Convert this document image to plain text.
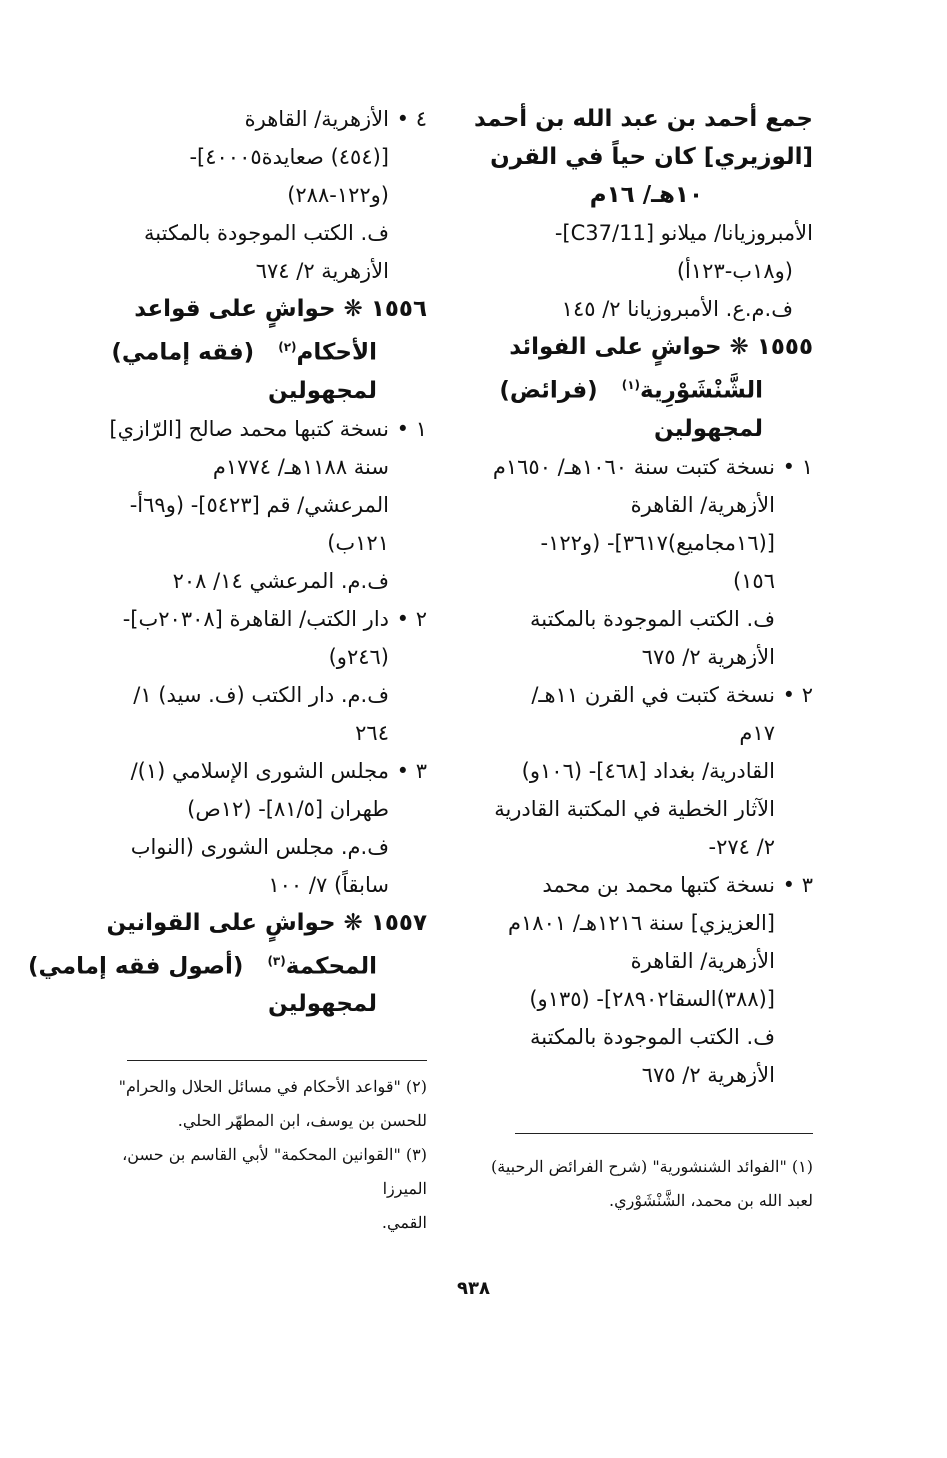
جمع أحمد بن عبد الله بن أحمد
[الوزيري] كان حياً في القرن
١٠هـ/ ١٦م
الأمبروزيانا/ ميلانو [C37/11]-
(و١٨ب-١٢٣أ)
ف.م.ع. الأمبروزيانا ٢/ ١٤٥
١٥٥٥ ❋ حواشٍ على الفوائد
الشَّنْشَوْرِية$^{(١)}$   (فرائض)
لمجهولين
١ •
نسخة كتبت سنة ١٠٦٠هـ/ ١٦٥٠م
الأزهرية/ القاهرة
[(١٦مجاميع)٣٦١٧]- (و١٢٢-
١٥٦)
ف. الكتب الموجودة بالمكتبة
الأزهرية ٢/ ٦٧٥
٢ •
نسخة كتبت في القرن ١١هـ/
١٧م
القادرية/ بغداد [٤٦٨]- (١٠٦و)
الآثار الخطية في المكتبة القادرية
٢/ ٢٧٤-
٣ •
نسخة كتبها محمد بن محمد
[العزيزي] سنة ١٢١٦هـ/ ١٨٠١م
الأزهرية/ القاهرة
[(٣٨٨)السقا٢٨٩٠٢]- (١٣٥و)
ف. الكتب الموجودة بالمكتبة
الأزهرية ٢/ ٦٧٥
٤ •
الأزهرية/ القاهرة
[(٤٥٤) صعايدة٤٠٠٠٥]-
(و١٢٢-٢٨٨)
ف. الكتب الموجودة بالمكتبة
الأزهرية ٢/ ٦٧٤
١٥٥٦ ❋ حواشٍ على قواعد
الأحكام$^{(٢)}$   (فقه إمامي)
لمجهولين
١ •
نسخة كتبها محمد صالح [الرّازي]
سنة ١١٨٨هـ/ ١٧٧٤م
المرعشي/ قم [٥٤٢٣]- (و٦٩أ-
١٢١ب)
ف.م. المرعشي ١٤/ ٢٠٨
٢ •
دار الكتب/ القاهرة [٢٠٣٠٨ب]-
(٢٤٦و)
ف.م. دار الكتب (ف. سيد) ١/
٢٦٤
٣ •
مجلس الشورى الإسلامي (١)/
طهران [٨١/٥]- (١٢ص)
ف.م. مجلس الشورى (النواب
سابقاً) ٧/ ١٠٠
١٥٥٧ ❋ حواشٍ على القوانين
المحكمة$^{(٣)}$   (أصول فقه إمامي)
لمجهولين
(١) "الفوائد الشنشورية" (شرح الفرائض الرحبية)
لعبد الله بن محمد، الشَّنْشَوْري.
(٢) "قواعد الأحكام في مسائل الحلال والحرام"
للحسن بن يوسف، ابن المطهّر الحلي.
(٣) "القوانين المحكمة" لأبي القاسم بن حسن، الميرزا
القمي.
٩٣٨
